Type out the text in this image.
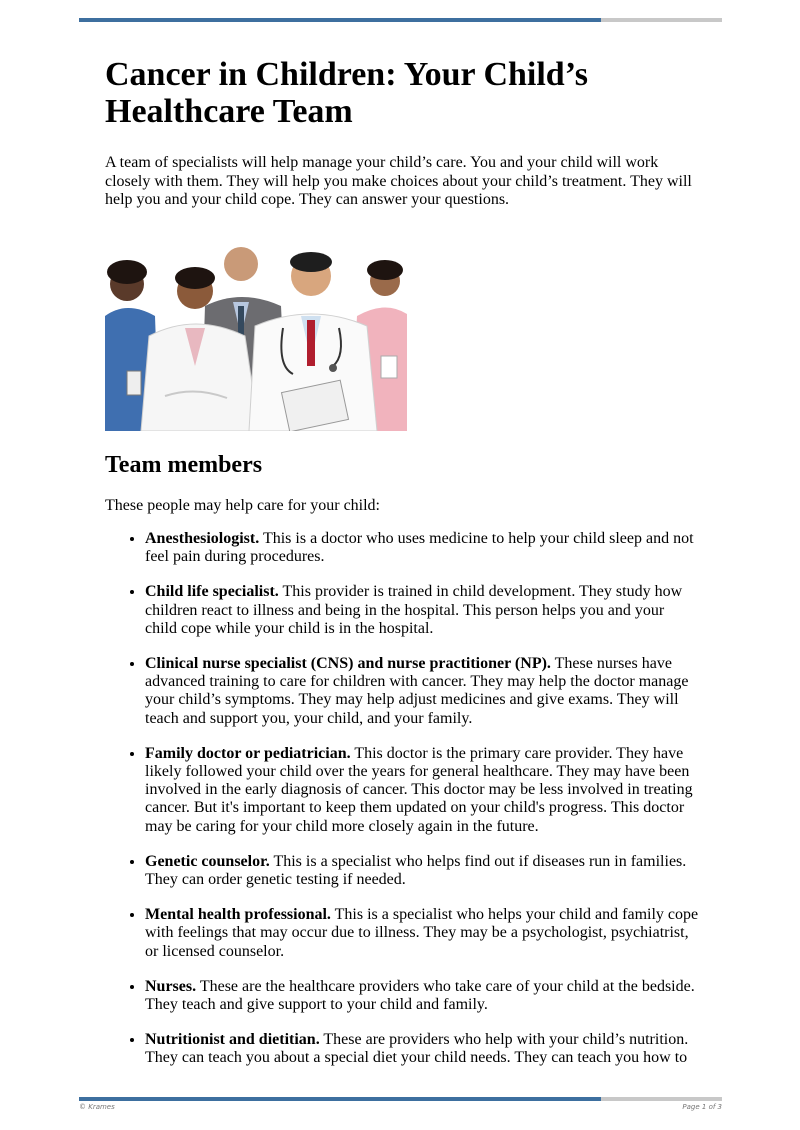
Cancer in Children: Your Child’s Healthcare Team

A team of specialists will help manage your child’s care. You and your child will work closely with them. They will help you make choices about your child’s treatment. They will help you and your child cope. They can answer your questions.

Team members

These people may help care for your child:

• Anesthesiologist. This is a doctor who uses medicine to help your child sleep and not feel pain during procedures.
• Child life specialist. This provider is trained in child development. They study how children react to illness and being in the hospital. This person helps you and your child cope while your child is in the hospital.
• Clinical nurse specialist (CNS) and nurse practitioner (NP). These nurses have advanced training to care for children with cancer. They may help the doctor manage your child’s symptoms. They may help adjust medicines and give exams. They will teach and support you, your child, and your family.
• Family doctor or pediatrician. This doctor is the primary care provider. They have likely followed your child over the years for general healthcare. They may have been involved in the early diagnosis of cancer. This doctor may be less involved in treating cancer. But it's important to keep them updated on your child's progress. This doctor may be caring for your child more closely again in the future.
• Genetic counselor. This is a specialist who helps find out if diseases run in families. They can order genetic testing if needed.
• Mental health professional. This is a specialist who helps your child and family cope with feelings that may occur due to illness. They may be a psychologist, psychiatrist, or licensed counselor.
• Nurses. These are the healthcare providers who take care of your child at the bedside. They teach and give support to your child and family.
• Nutritionist and dietitian. These are providers who help with your child’s nutrition. They can teach you about a special diet your child needs. They can teach you how to
© Krames	Page 1 of 3
